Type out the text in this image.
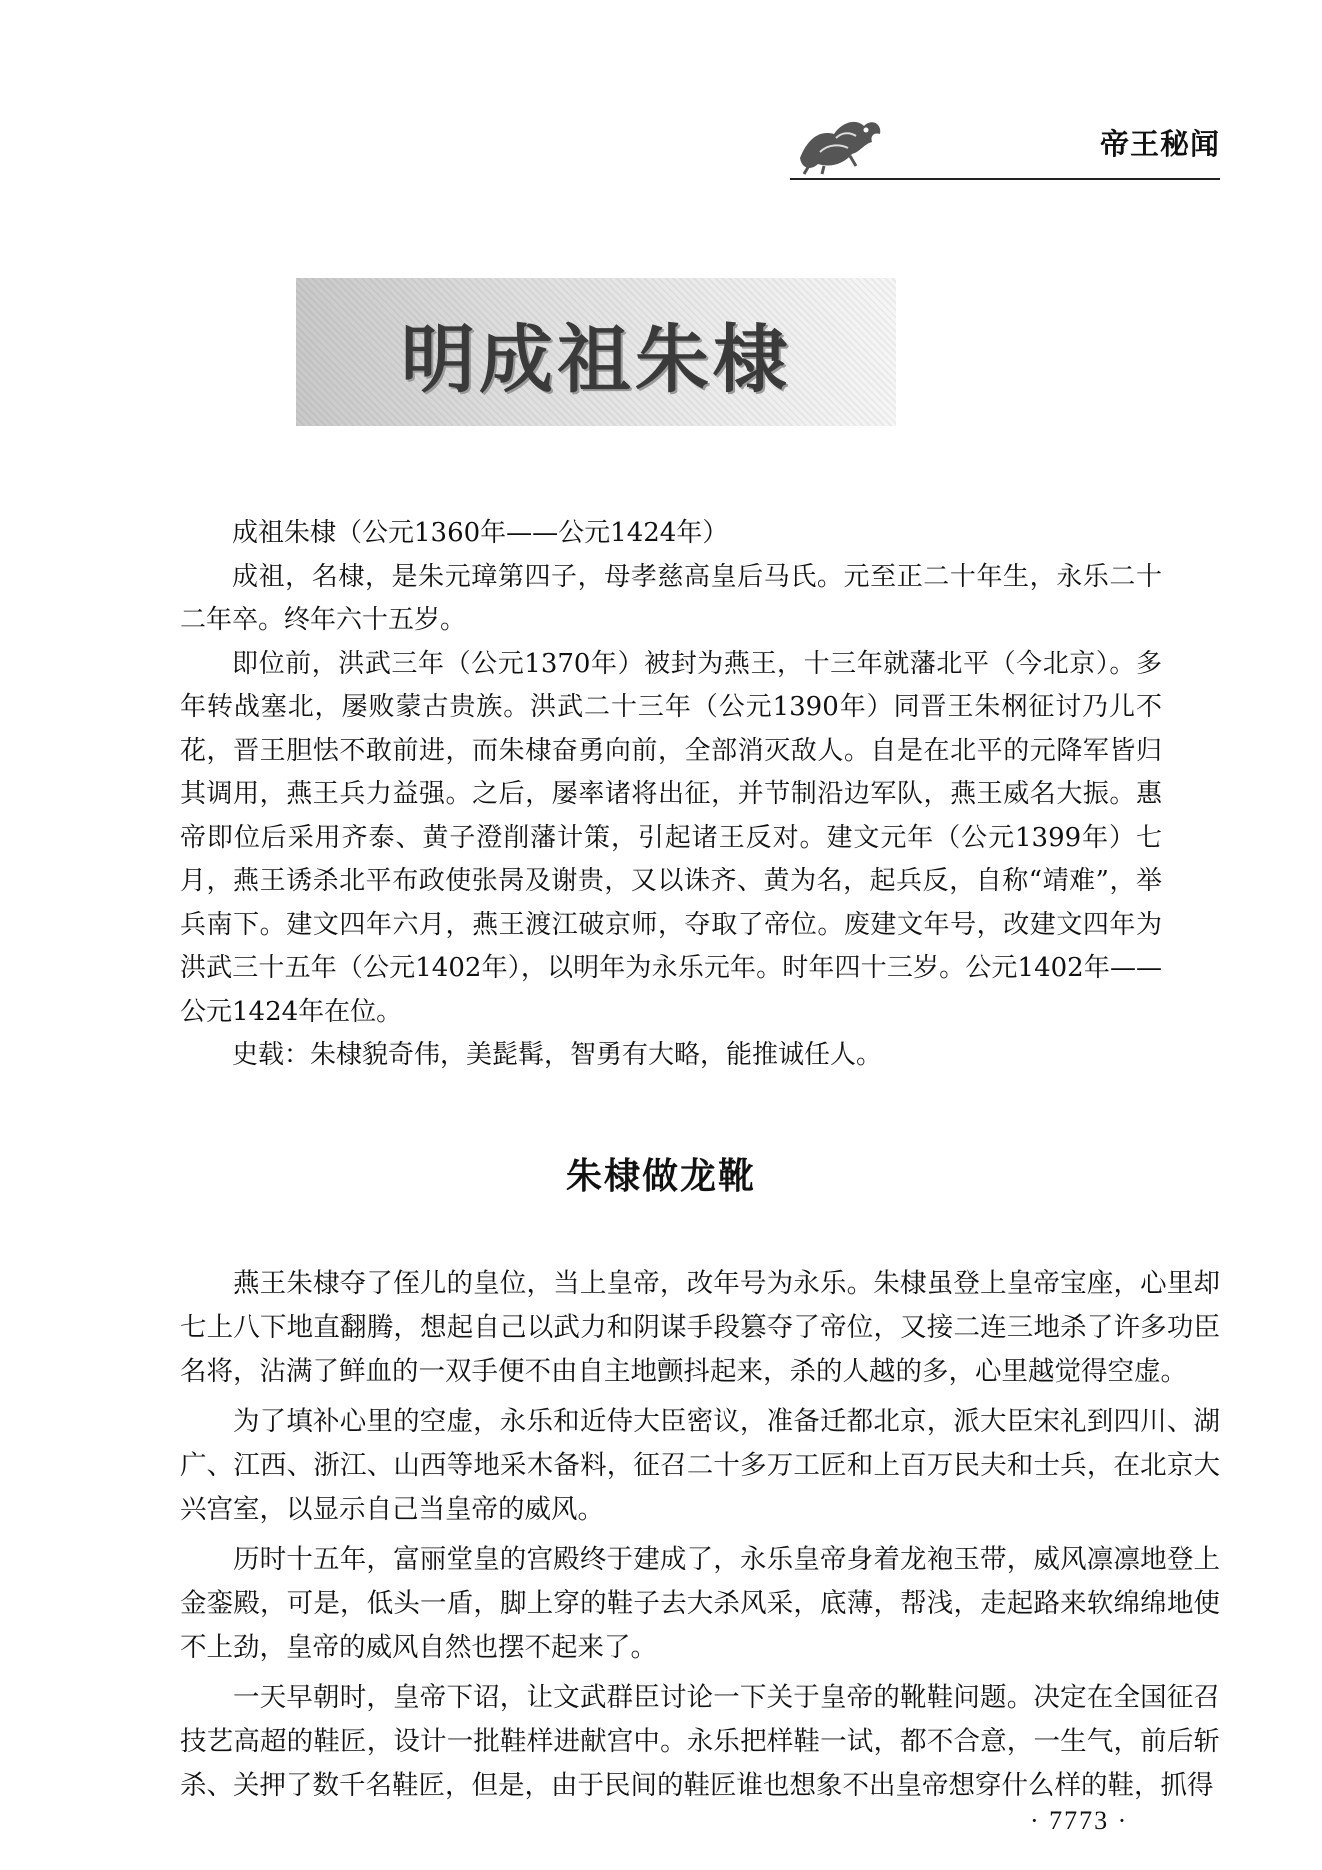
帝王秘闻
明成祖朱棣

成祖朱棣（公元1360年——公元1424年）

成祖，名棣，是朱元璋第四子，母孝慈高皇后马氏。元至正二十年生，永乐二十二年卒。终年六十五岁。

即位前，洪武三年（公元1370年）被封为燕王，十三年就藩北平（今北京）。多年转战塞北，屡败蒙古贵族。洪武二十三年（公元1390年）同晋王朱㭎征讨乃儿不花，晋王胆怯不敢前进，而朱棣奋勇向前，全部消灭敌人。自是在北平的元降军皆归其调用，燕王兵力益强。之后，屡率诸将出征，并节制沿边军队，燕王威名大振。惠帝即位后采用齐泰、黄子澄削藩计策，引起诸王反对。建文元年（公元1399年）七月，燕王诱杀北平布政使张昺及谢贵，又以诛齐、黄为名，起兵反，自称“靖难”，举兵南下。建文四年六月，燕王渡江破京师，夺取了帝位。废建文年号，改建文四年为洪武三十五年（公元1402年），以明年为永乐元年。时年四十三岁。公元1402年——公元1424年在位。

史载：朱棣貌奇伟，美髭髯，智勇有大略，能推诚任人。

朱棣做龙靴

燕王朱棣夺了侄儿的皇位，当上皇帝，改年号为永乐。朱棣虽登上皇帝宝座，心里却七上八下地直翻腾，想起自己以武力和阴谋手段篡夺了帝位，又接二连三地杀了许多功臣名将，沾满了鲜血的一双手便不由自主地颤抖起来，杀的人越的多，心里越觉得空虚。

为了填补心里的空虚，永乐和近侍大臣密议，准备迁都北京，派大臣宋礼到四川、湖广、江西、浙江、山西等地采木备料，征召二十多万工匠和上百万民夫和士兵，在北京大兴宫室，以显示自己当皇帝的威风。

历时十五年，富丽堂皇的宫殿终于建成了，永乐皇帝身着龙袍玉带，威风凛凛地登上金銮殿，可是，低头一盾，脚上穿的鞋子去大杀风采，底薄，帮浅，走起路来软绵绵地使不上劲，皇帝的威风自然也摆不起来了。

一天早朝时，皇帝下诏，让文武群臣讨论一下关于皇帝的靴鞋问题。决定在全国征召技艺高超的鞋匠，设计一批鞋样进献宫中。永乐把样鞋一试，都不合意，一生气，前后斩杀、关押了数千名鞋匠，但是，由于民间的鞋匠谁也想象不出皇帝想穿什么样的鞋，抓得

· 7773 ·
